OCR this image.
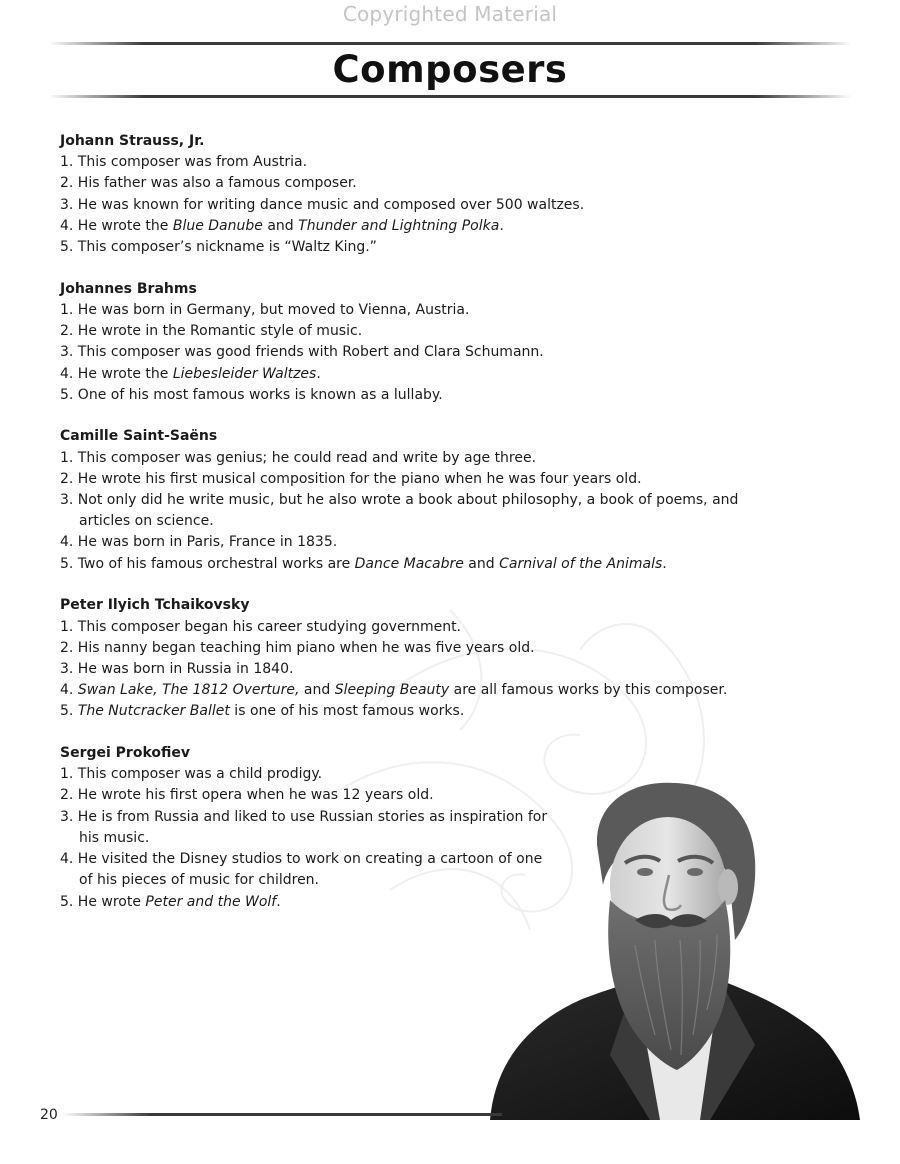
Copyrighted Material
Composers
Johann Strauss, Jr.
1. This composer was from Austria.
2. His father was also a famous composer.
3. He was known for writing dance music and composed over 500 waltzes.
4. He wrote the Blue Danube and Thunder and Lightning Polka.
5. This composer’s nickname is “Waltz King.”
Johannes Brahms
1. He was born in Germany, but moved to Vienna, Austria.
2. He wrote in the Romantic style of music.
3. This composer was good friends with Robert and Clara Schumann.
4. He wrote the Liebesleider Waltzes.
5. One of his most famous works is known as a lullaby.
Camille Saint-Saëns
1. This composer was genius; he could read and write by age three.
2. He wrote his first musical composition for the piano when he was four years old.
3. Not only did he write music, but he also wrote a book about philosophy, a book of poems, and articles on science.
4. He was born in Paris, France in 1835.
5. Two of his famous orchestral works are Dance Macabre and Carnival of the Animals.
Peter Ilyich Tchaikovsky
1. This composer began his career studying government.
2. His nanny began teaching him piano when he was five years old.
3. He was born in Russia in 1840.
4. Swan Lake, The 1812 Overture, and Sleeping Beauty are all famous works by this composer.
5. The Nutcracker Ballet is one of his most famous works.
Sergei Prokofiev
1. This composer was a child prodigy.
2. He wrote his first opera when he was 12 years old.
3. He is from Russia and liked to use Russian stories as inspiration for his music.
4. He visited the Disney studios to work on creating a cartoon of one of his pieces of music for children.
5. He wrote Peter and the Wolf.
20
